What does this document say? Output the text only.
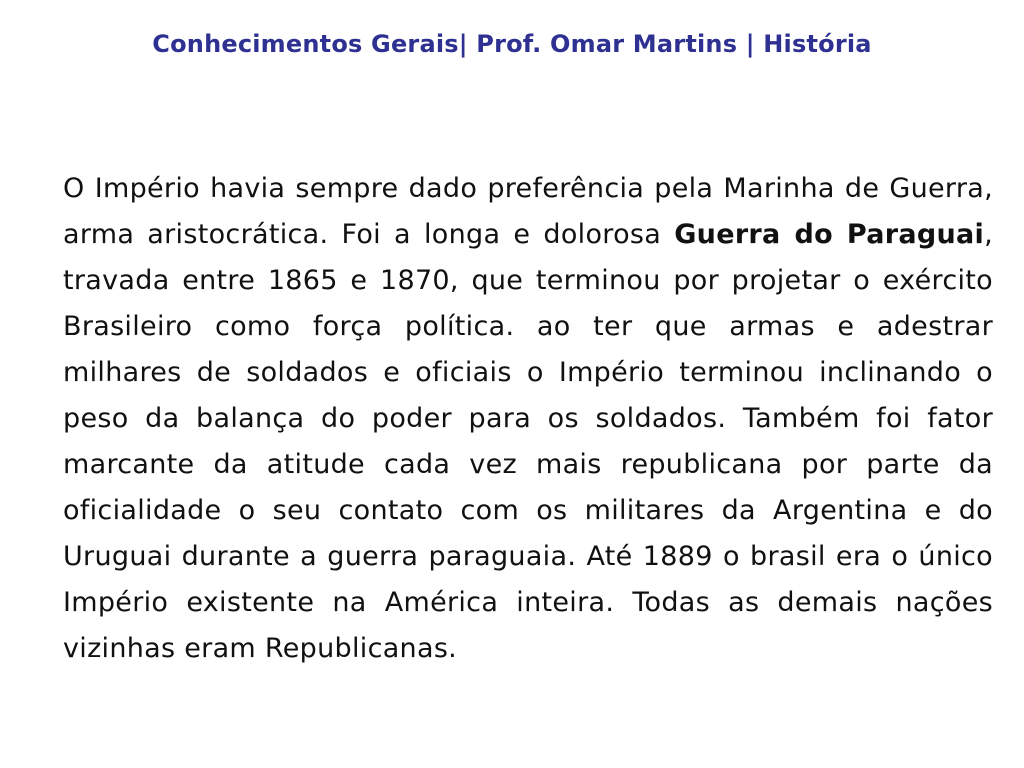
Conhecimentos Gerais| Prof. Omar Martins | História
O Império havia sempre dado preferência pela Marinha de Guerra, arma aristocrática. Foi a longa e dolorosa Guerra do Paraguai, travada entre 1865 e 1870, que terminou por projetar o exército Brasileiro como força política. ao ter que armas e adestrar milhares de soldados e oficiais o Império terminou inclinando o peso da balança do poder para os soldados. Também foi fator marcante da atitude cada vez mais republicana por parte da oficialidade o seu contato com os militares da Argentina e do Uruguai durante a guerra paraguaia. Até 1889 o brasil era o único Império existente na América inteira. Todas as demais nações vizinhas eram Republicanas.
